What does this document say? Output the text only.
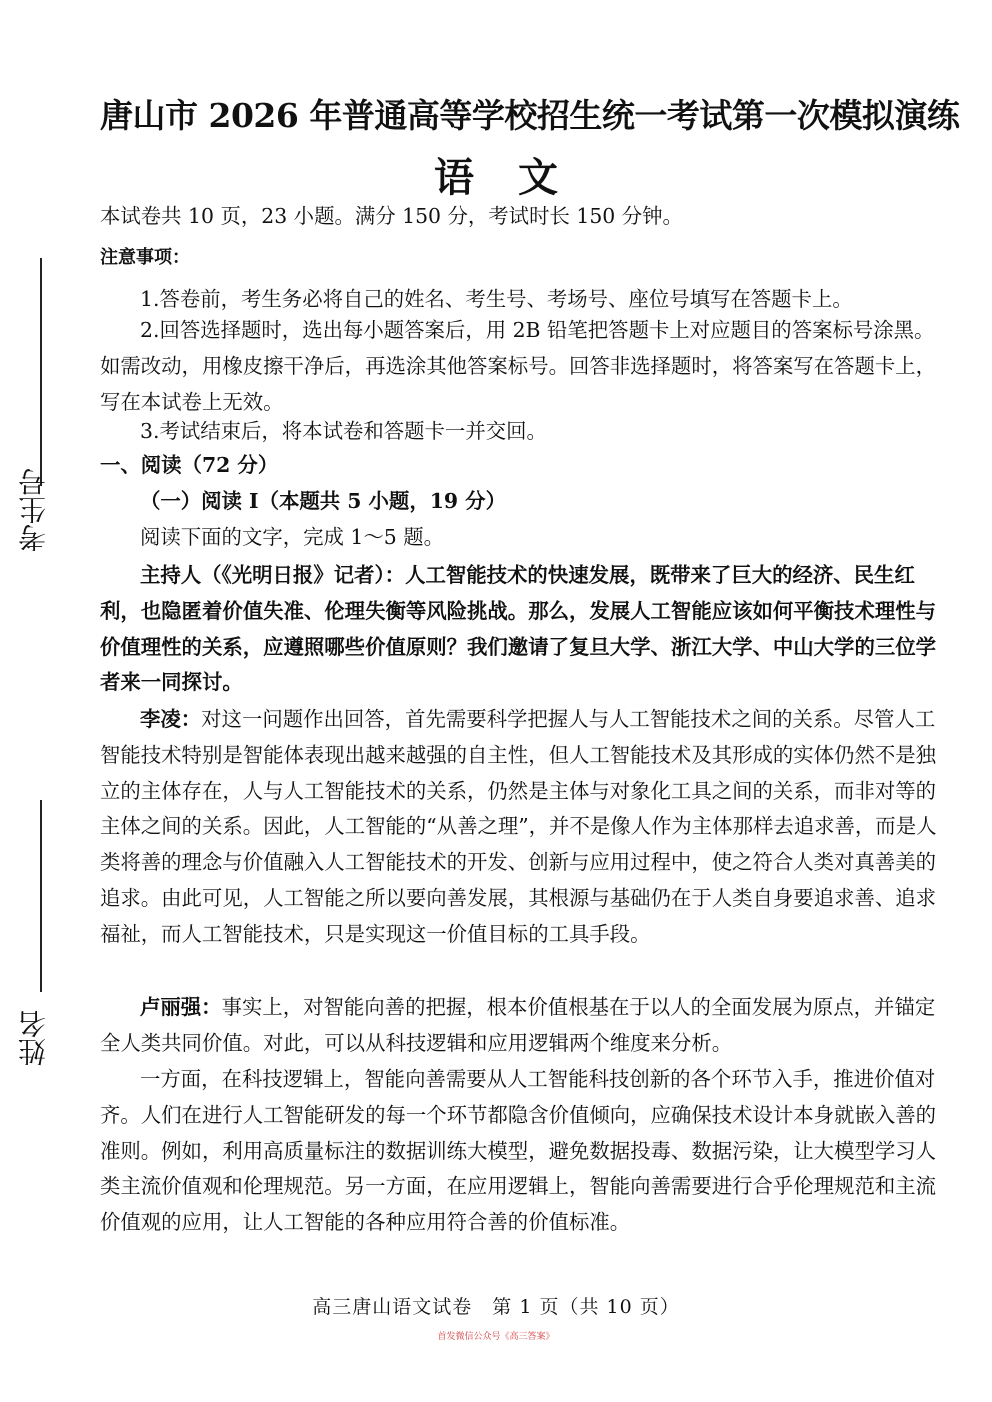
考生号
姓名
唐山市 2026 年普通高等学校招生统一考试第一次模拟演练
语文
本试卷共 10 页，23 小题。满分 150 分，考试时长 150 分钟。
注意事项：
1.答卷前，考生务必将自己的姓名、考生号、考场号、座位号填写在答题卡上。
2.回答选择题时，选出每小题答案后，用 2B 铅笔把答题卡上对应题目的答案标号涂黑。如需改动，用橡皮擦干净后，再选涂其他答案标号。回答非选择题时，将答案写在答题卡上，写在本试卷上无效。
3.考试结束后，将本试卷和答题卡一并交回。
一、阅读（72 分）
（一）阅读 Ⅰ（本题共 5 小题，19 分）
阅读下面的文字，完成 1～5 题。
主持人（《光明日报》记者）：人工智能技术的快速发展，既带来了巨大的经济、民生红利，也隐匿着价值失准、伦理失衡等风险挑战。那么，发展人工智能应该如何平衡技术理性与价值理性的关系，应遵照哪些价值原则？我们邀请了复旦大学、浙江大学、中山大学的三位学者来一同探讨。
李凌：对这一问题作出回答，首先需要科学把握人与人工智能技术之间的关系。尽管人工智能技术特别是智能体表现出越来越强的自主性，但人工智能技术及其形成的实体仍然不是独立的主体存在，人与人工智能技术的关系，仍然是主体与对象化工具之间的关系，而非对等的主体之间的关系。因此，人工智能的“从善之理”，并不是像人作为主体那样去追求善，而是人类将善的理念与价值融入人工智能技术的开发、创新与应用过程中，使之符合人类对真善美的追求。由此可见，人工智能之所以要向善发展，其根源与基础仍在于人类自身要追求善、追求福祉，而人工智能技术，只是实现这一价值目标的工具手段。
卢丽强：事实上，对智能向善的把握，根本价值根基在于以人的全面发展为原点，并锚定全人类共同价值。对此，可以从科技逻辑和应用逻辑两个维度来分析。
一方面，在科技逻辑上，智能向善需要从人工智能科技创新的各个环节入手，推进价值对齐。人们在进行人工智能研发的每一个环节都隐含价值倾向，应确保技术设计本身就嵌入善的准则。例如，利用高质量标注的数据训练大模型，避免数据投毒、数据污染，让大模型学习人类主流价值观和伦理规范。另一方面，在应用逻辑上，智能向善需要进行合乎伦理规范和主流价值观的应用，让人工智能的各种应用符合善的价值标准。
高三唐山语文试卷　第 1 页（共 10 页）
首发微信公众号《高三答案》
